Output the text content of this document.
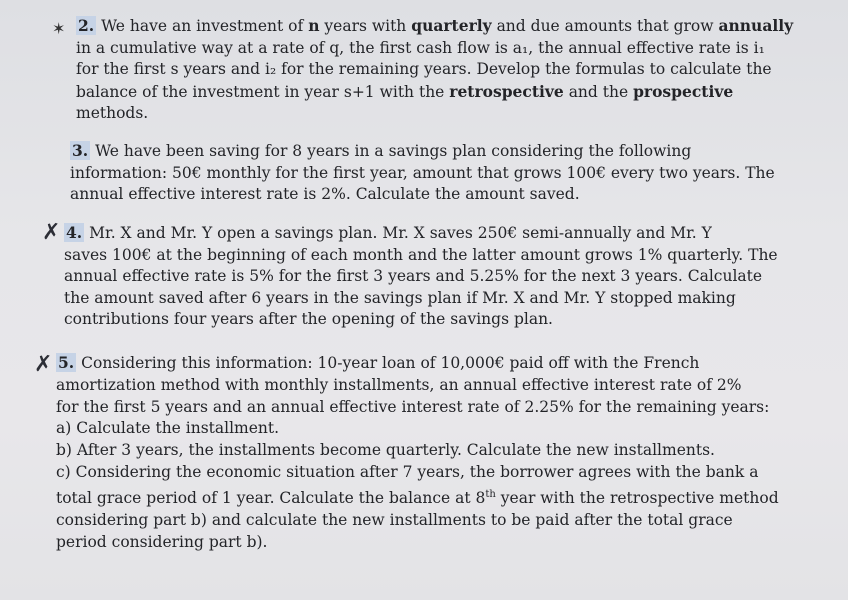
✶ 2. We have an investment of n years with quarterly and due amounts that grow annually
in a cumulative way at a rate of q, the first cash flow is a₁, the annual effective rate is i₁
for the first s years and i₂ for the remaining years. Develop the formulas to calculate the
balance of the investment in year s+1 with the retrospective and the prospective
methods.
3. We have been saving for 8 years in a savings plan considering the following
information: 50€ monthly for the first year, amount that grows 100€ every two years. The
annual effective interest rate is 2%. Calculate the amount saved.
✗ 4. Mr. X and Mr. Y open a savings plan. Mr. X saves 250€ semi-annually and Mr. Y
saves 100€ at the beginning of each month and the latter amount grows 1% quarterly. The
annual effective rate is 5% for the first 3 years and 5.25% for the next 3 years. Calculate
the amount saved after 6 years in the savings plan if Mr. X and Mr. Y stopped making
contributions four years after the opening of the savings plan.
✗ 5. Considering this information: 10-year loan of 10,000€ paid off with the French
amortization method with monthly installments, an annual effective interest rate of 2%
for the first 5 years and an annual effective interest rate of 2.25% for the remaining years:
a) Calculate the installment.
b) After 3 years, the installments become quarterly. Calculate the new installments.
c) Considering the economic situation after 7 years, the borrower agrees with the bank a
total grace period of 1 year. Calculate the balance at 8th year with the retrospective method
considering part b) and calculate the new installments to be paid after the total grace
period considering part b).
